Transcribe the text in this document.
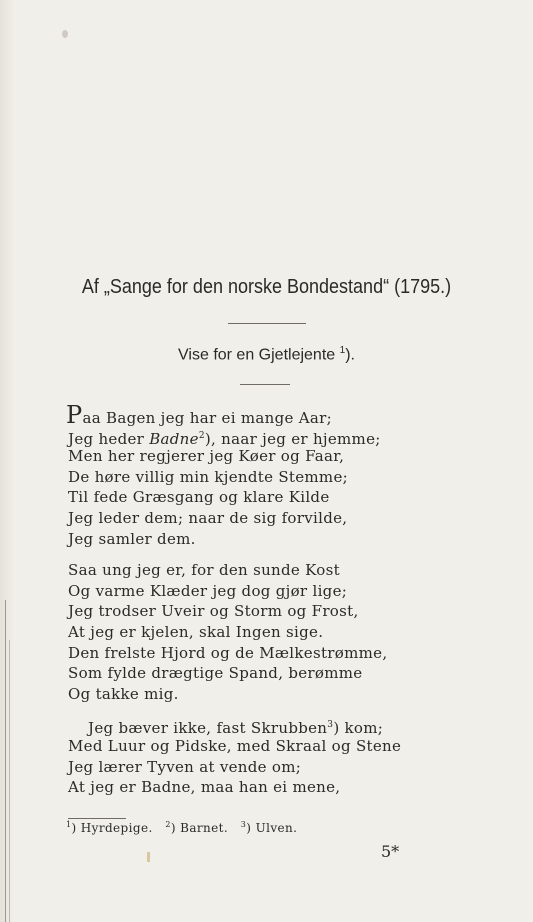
Af „Sange for den norske Bondestand“ (1795.)
Vise for en Gjetlejente $^1$).
Paa Bagen jeg har ei mange Aar;
Jeg heder Badne$^2$), naar jeg er hjemme;
Men her regjerer jeg Køer og Faar,
De høre villig min kjendte Stemme;
Til fede Græsgang og klare Kilde
Jeg leder dem; naar de sig forvilde,
Jeg samler dem.
Saa ung jeg er, for den sunde Kost
Og varme Klæder jeg dog gjør lige;
Jeg trodser Uveir og Storm og Frost,
At jeg er kjelen, skal Ingen sige.
Den frelste Hjord og de Mælkestrømme,
Som fylde drægtige Spand, berømme
Og takke mig.
Jeg bæver ikke, fast Skrubben$^3$) kom;
Med Luur og Pidske, med Skraal og Stene
Jeg lærer Tyven at vende om;
At jeg er Badne, maa han ei mene,
$^1$) Hyrdepige. $^2$) Barnet. $^3$) Ulven.
5*
